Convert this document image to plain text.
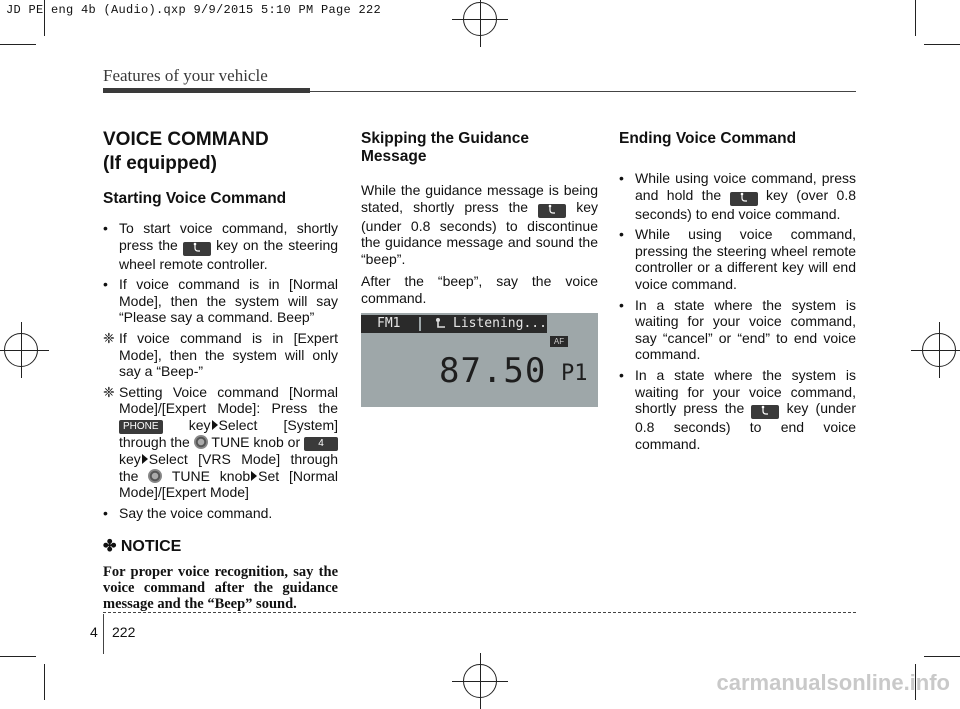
JD PE eng 4b (Audio).qxp 9/9/2015 5:10 PM Page 222
Features of your vehicle
VOICE COMMAND
(If equipped)
Starting Voice Command
• To start voice command, shortly press the	key on the steering wheel remote controller.
• If voice command is in [Normal Mode], then the system will say “Please say a command. Beep”
❈ If voice command is in [Expert Mode], then the system will only say a “Beep-”
❈ Setting Voice command [Normal Mode]/[Expert Mode]: Press the PHONE key Select [System] through the TUNE knob or 4 key Select [VRS Mode] through the TUNE knob Set [Normal Mode]/[Expert Mode]
• Say the voice command.
✤ NOTICE
For proper voice recognition, say the voice command after the guidance message and the “Beep” sound.
Skipping the Guidance
Message
While the guidance message is being stated, shortly press the	key (under 0.8 seconds) to discontinue the guidance message and sound the “beep”.
After the “beep”, say the voice command.
FM1	Listening...
AF
87.50 P1
Ending Voice Command
• While using voice command, press and hold the	key (over 0.8 seconds) to end voice command.
• While using voice command, pressing the steering wheel remote controller or a different key will end voice command.
• In a state where the system is waiting for your voice command, say “cancel” or “end” to end voice command.
• In a state where the system is waiting for your voice command, shortly press the	key (under 0.8 seconds) to end voice command.
4 222
carmanualsonline.info
